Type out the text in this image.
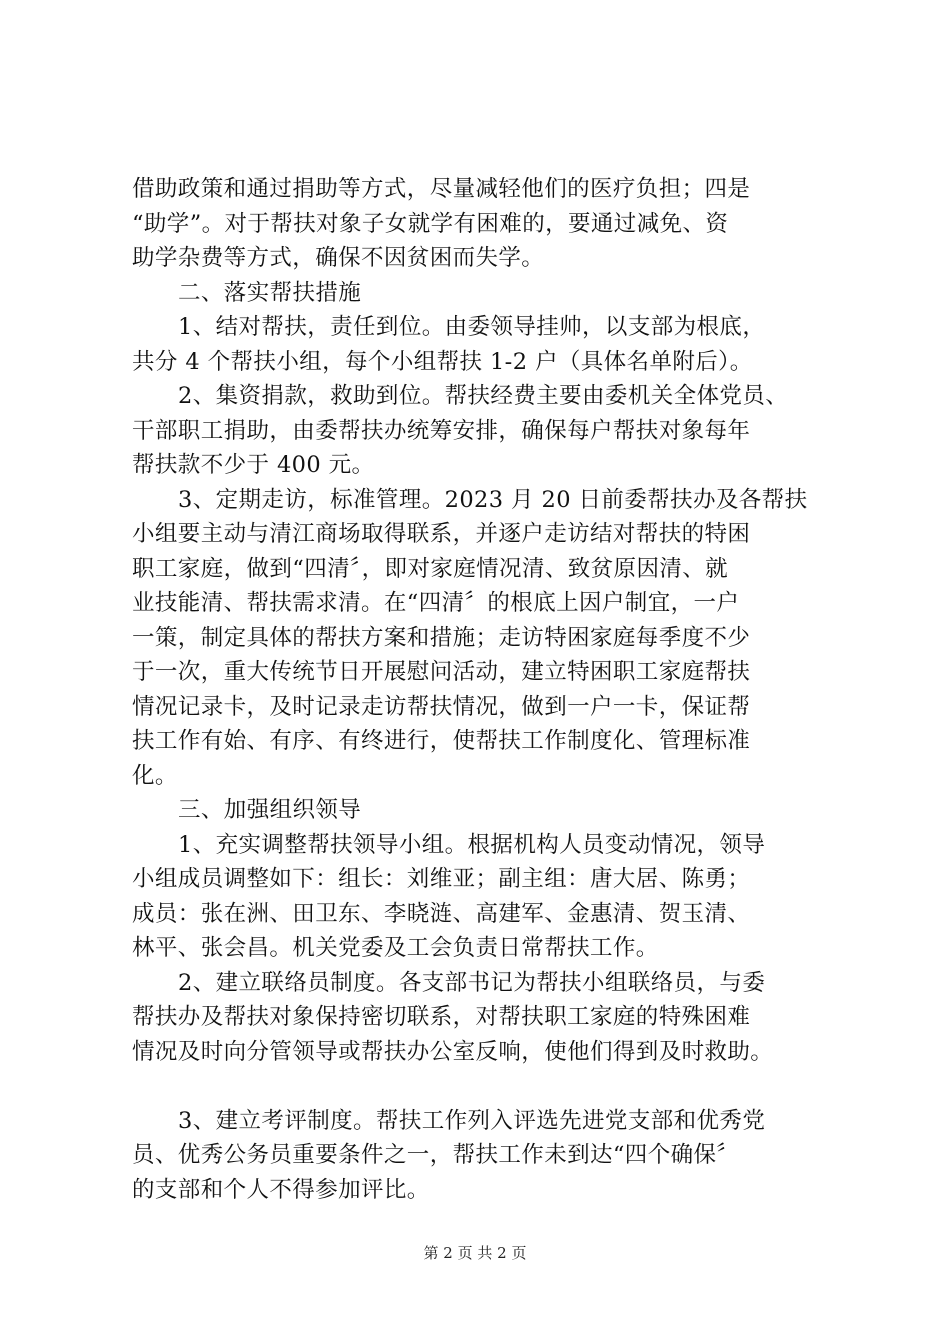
借助政策和通过捐助等方式，尽量减轻他们的医疗负担；四是
“助学”。对于帮扶对象子女就学有困难的，要通过减免、资
助学杂费等方式，确保不因贫困而失学。
二、落实帮扶措施
1、结对帮扶，责任到位。由委领导挂帅，以支部为根底，
共分 4 个帮扶小组，每个小组帮扶 1-2 户（具体名单附后）。
2、集资捐款，救助到位。帮扶经费主要由委机关全体党员、
干部职工捐助，由委帮扶办统筹安排，确保每户帮扶对象每年
帮扶款不少于 400 元。
3、定期走访，标准管理。2023 月 20 日前委帮扶办及各帮扶
小组要主动与清江商场取得联系，并逐户走访结对帮扶的特困
职工家庭，做到“四清〞，即对家庭情况清、致贫原因清、就
业技能清、帮扶需求清。在“四清〞的根底上因户制宜，一户
一策，制定具体的帮扶方案和措施；走访特困家庭每季度不少
于一次，重大传统节日开展慰问活动，建立特困职工家庭帮扶
情况记录卡，及时记录走访帮扶情况，做到一户一卡，保证帮
扶工作有始、有序、有终进行，使帮扶工作制度化、管理标准
化。
三、加强组织领导
1、充实调整帮扶领导小组。根据机构人员变动情况，领导
小组成员调整如下：组长：刘维亚；副主组：唐大居、陈勇；
成员：张在洲、田卫东、李晓涟、高建军、金惠清、贺玉清、
林平、张会昌。机关党委及工会负责日常帮扶工作。
2、建立联络员制度。各支部书记为帮扶小组联络员，与委
帮扶办及帮扶对象保持密切联系，对帮扶职工家庭的特殊困难
情况及时向分管领导或帮扶办公室反响，使他们得到及时救助。
3、建立考评制度。帮扶工作列入评选先进党支部和优秀党
员、优秀公务员重要条件之一，帮扶工作未到达“四个确保〞
的支部和个人不得参加评比。
第 2 页 共 2 页
